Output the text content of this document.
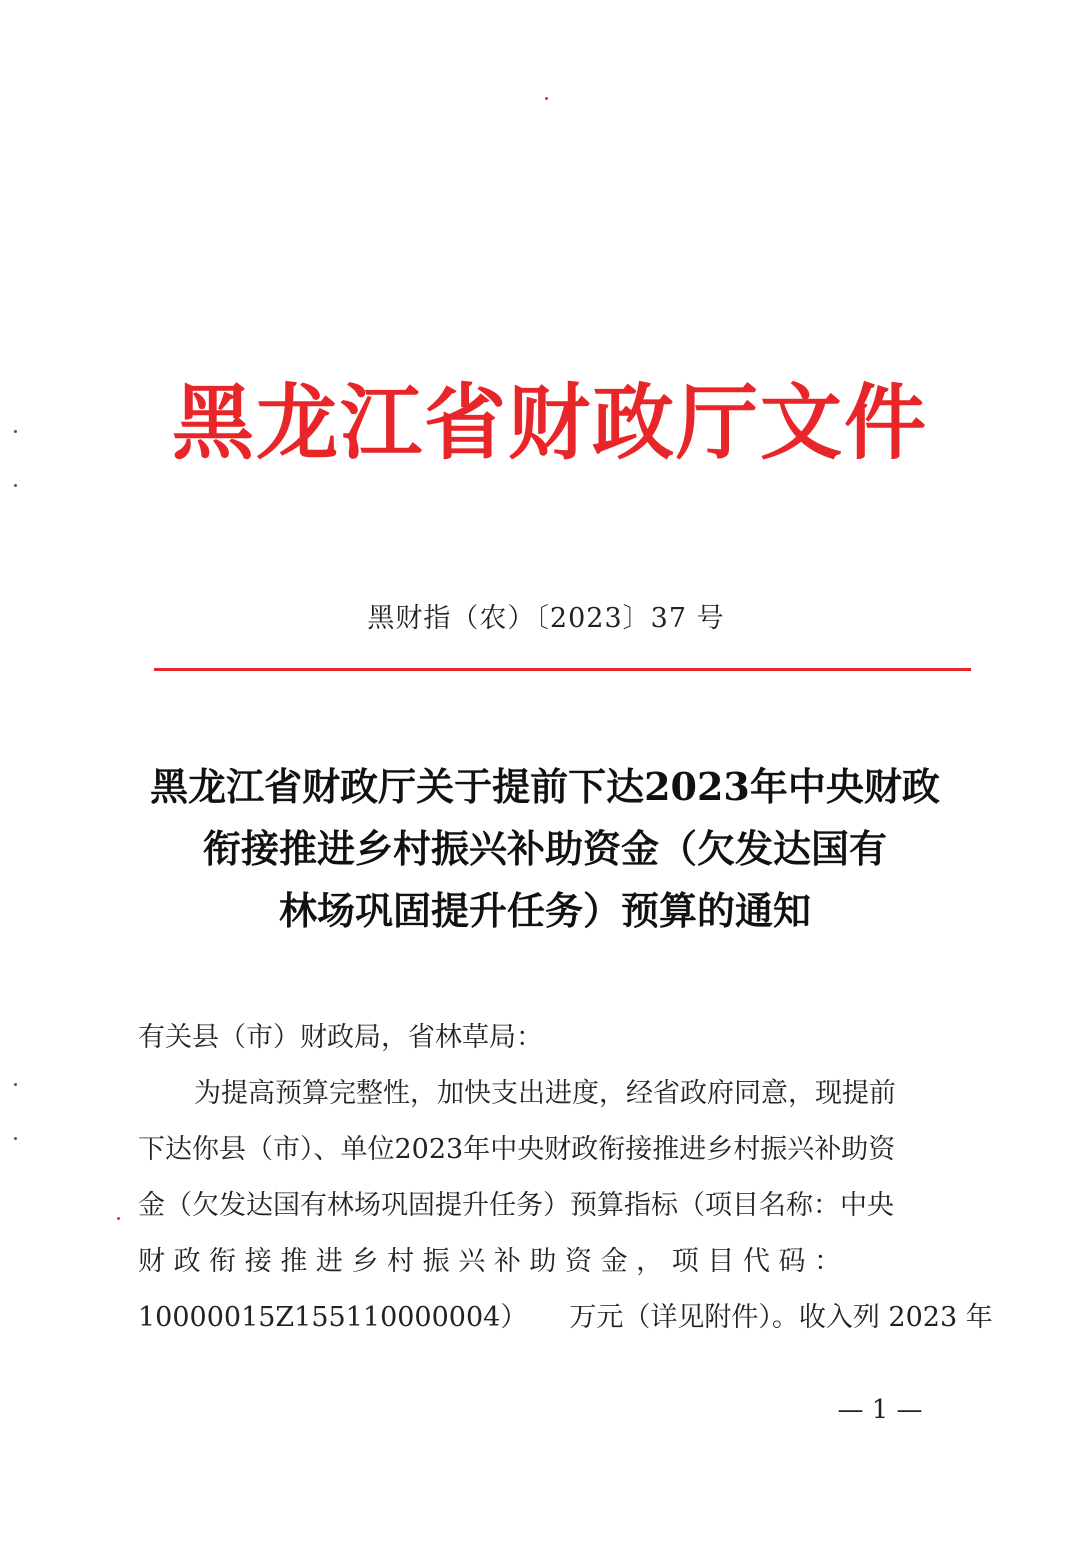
黑龙江省财政厅文件
黑财指（农）〔2023〕37 号
黑龙江省财政厅关于提前下达2023年中央财政
衔接推进乡村振兴补助资金（欠发达国有
林场巩固提升任务）预算的通知
有关县（市）财政局，省林草局：
为提高预算完整性，加快支出进度，经省政府同意，现提前
下达你县（市）、单位2023年中央财政衔接推进乡村振兴补助资
金（欠发达国有林场巩固提升任务）预算指标（项目名称：中央
财 政 衔 接 推 进 乡 村 振 兴 补 助 资 金 ， 项 目 代 码 ：
10000015Z155110000004） 万元（详见附件）。收入列 2023 年
— 1 —
